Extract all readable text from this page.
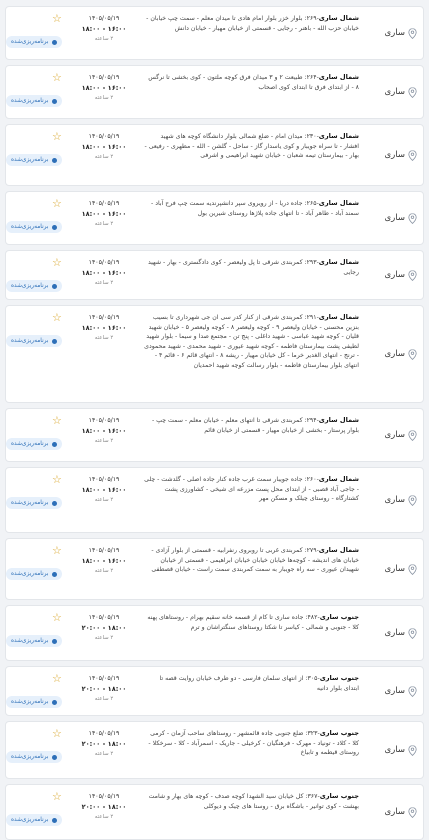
ساری
شمال ساری-۲۶۹: بلوار خزر بلوار امام هادی تا میدان معلم - سمت چپ خیابان - خیابان حزب الله - باهنر - رجایی - قسمتی از خیابان مهیار - خیابان دانش
۱۴۰۵/۰۵/۱۹
۱۶:۰۰ - ۱۸:۰۰
۲ ساعته
☆
برنامه‌ریزی‌شده
ساری
شمال ساری-۲۶۴: طبیعت ۲ و ۳ میدان فرق کوچه ملتون - کوی بخشی تا نرگس ۸ - از ابتدای فرق تا ابتدای کوی اصحاب
۱۴۰۵/۰۵/۱۹
۱۶:۰۰ - ۱۸:۰۰
۲ ساعته
☆
برنامه‌ریزی‌شده
ساری
شمال ساری-۲۳۰: میدان امام - ضلع شمالی بلوار دانشگاه کوچه های شهید افشار - تا سراه جویبار و کوی یاسدار گاز - ساحل - گلشن - الله - مطهری - رفیعی - بهار - بیمارستان تیمه شعبان - خیابان شهید ابراهیمی و اشرفی
۱۴۰۵/۰۵/۱۹
۱۶:۰۰ - ۱۸:۰۰
۲ ساعته
☆
برنامه‌ریزی‌شده
ساری
شمال ساری-۲۶۵: جاده دریا - از رویروی سپر دانشپرندیه سمت چپ فرح آباد - سمند آباد - طاهر آباد - تا انتهای جاده پلاژها روستای شیرین بول
۱۴۰۵/۰۵/۱۹
۱۶:۰۰ - ۱۸:۰۰
۲ ساعته
☆
برنامه‌ریزی‌شده
ساری
شمال ساری-۲۹۳: کمربندی شرقی تا پل ولیعصر - کوی دادگستری - بهار - شهید رجایی
۱۴۰۵/۰۵/۱۹
۱۶:۰۰ - ۱۸:۰۰
۲ ساعته
☆
برنامه‌ریزی‌شده
ساری
شمال ساری-۲۹۱: کمربندی شرقی از کنار کدر سی ان جی شهرداری تا بسیب بنزین محسنی - خیابان ولیعصر ۹ - کوچه ولیعصر ۸ - کوچه ولیعصر ۵ - خیابان شهید قلیان - کوچه شهید عباسی - شهید داغلی - پنج تن - مجتمع صدا و سیما - بلوار شهید لطیفی پشت بیمارستان فاطمه - کوچه شهید عیوری - شهید محمدی - شهید محمودی - ترنج - انتهای الغدیر خرما - کل خیابان مهیار - ریشه ۸ - انتهای قائم ۶ - قائم ۴ - انتهای بلوار بیمارستان فاطمه - بلوار رسالت کوچه شهید احمدیان
۱۴۰۵/۰۵/۱۹
۱۶:۰۰ - ۱۸:۰۰
۲ ساعته
☆
برنامه‌ریزی‌شده
ساری
شمال ساری-۲۹۴: کمربندی شرقی تا انتهای معلم - خیابان معلم - سمت چپ - بلوار پرستار - بخشی از خیابان مهیار - قسمتی از خیابان قائم
۱۴۰۵/۰۵/۱۹
۱۶:۰۰ - ۱۸:۰۰
۲ ساعته
☆
برنامه‌ریزی‌شده
ساری
شمال ساری-۲۶۰: جاده جویبار سمت غرب جاده کنار جاده اصلی - گلدشت - چلی - جاجی آباد قصبی - از ابتدای محل پست مزرعه ای شیخی - کشاورزی پشت کشتارگاه - روستای چیلک و مسکن مهر
۱۴۰۵/۰۵/۱۹
۱۶:۰۰ - ۱۸:۰۰
۲ ساعته
☆
برنامه‌ریزی‌شده
ساری
شمال ساری-۲۷۹: کمربندی غربی تا روبروی رنفرابیه - قسمتی از بلوار آزادی - خیابان های اندیشه - کوچه‌ها خیابان خیابان خیابان ابراهیمی - قسمتی از خیابان شهیدان عیوری - سه راه جویبار به سمت کمربندی سمت راست - خیابان قصطفی
۱۴۰۵/۰۵/۱۹
۱۶:۰۰ - ۱۸:۰۰
۲ ساعته
☆
برنامه‌ریزی‌شده
ساری
جنوب ساری-۴۸۲: جاده ساری تا کام از قسمه خانه سقیم بهرام - روستاهای پهنه کلا - جنوبی و شمالی - کیاسر تا شکتا روستاهای سنگتراشان و ترم
۱۴۰۵/۰۵/۱۹
۱۸:۰۰ - ۲۰:۰۰
۲ ساعته
☆
برنامه‌ریزی‌شده
ساری
جنوب ساری-۳۰۵: از انتهای سلمان فارسی - دو طرف خیابان روایت قصه تا ابتدای بلوار دانیه
۱۴۰۵/۰۵/۱۹
۱۸:۰۰ - ۲۰:۰۰
۲ ساعته
☆
برنامه‌ریزی‌شده
ساری
جنوب ساری-۳۲۳: ضلع جنوبی جاده قائمشهر - روستاهای ساحب آزمان - کرمی کلا - کلاد - تونیاد - مهرک - فرهنگیان - کرخیلی - جاریک - اسمرآباد - کلا - سرخکلا - روستای قیطمه و تابیاخ
۱۴۰۵/۰۵/۱۹
۱۸:۰۰ - ۲۰:۰۰
۲ ساعته
☆
برنامه‌ریزی‌شده
ساری
جنوب ساری-۳۶۷: کل خیابان سید الشهدا کوچه صدف - کوچه های بهار و شامت بهشت - کوی توانیر - باشگاه برق - روستا های چیک و دیوکلی
۱۴۰۵/۰۵/۱۹
۱۸:۰۰ - ۲۰:۰۰
۲ ساعته
☆
برنامه‌ریزی‌شده
